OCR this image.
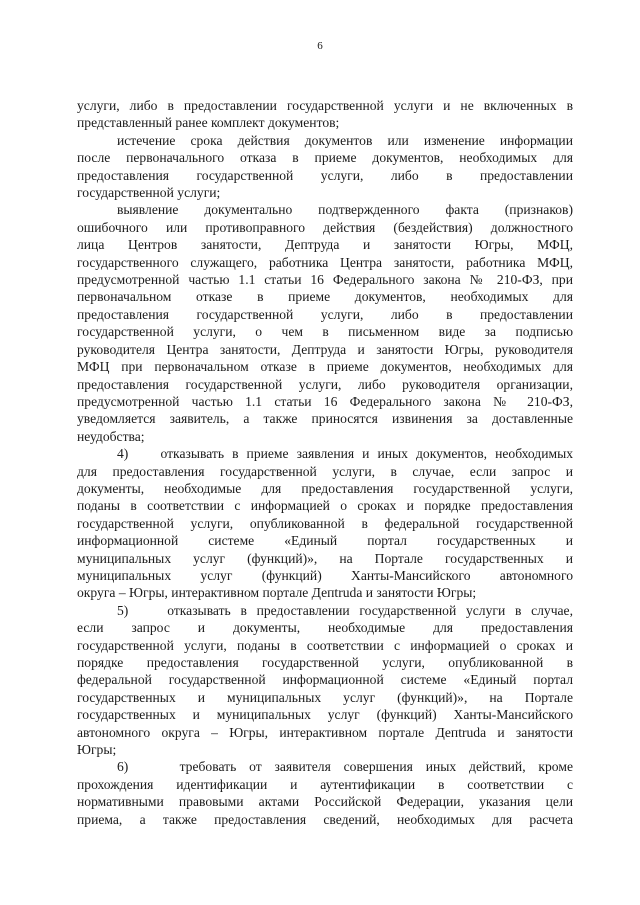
6

услуги, либо в предоставлении государственной услуги и не включенных в

представленный ранее комплект документов;

истечение срока действия документов или изменение информации

после первоначального отказа в приеме документов, необходимых для

предоставления государственной услуги, либо в предоставлении

государственной услуги;

выявление документально подтвержденного факта (признаков)

ошибочного или противоправного действия (бездействия) должностного

лица Центров занятости, Дептруда и занятости Югры, МФЦ,

государственного служащего, работника Центра занятости, работника МФЦ,

предусмотренной частью 1.1 статьи 16 Федерального закона № 210-ФЗ, при

первоначальном отказе в приеме документов, необходимых для

предоставления государственной услуги, либо в предоставлении

государственной услуги, о чем в письменном виде за подписью

руководителя Центра занятости, Дептруда и занятости Югры, руководителя

МФЦ при первоначальном отказе в приеме документов, необходимых для

предоставления государственной услуги, либо руководителя организации,

предусмотренной частью 1.1 статьи 16 Федерального закона № 210-ФЗ,

уведомляется заявитель, а также приносятся извинения за доставленные

неудобства;

4)    отказывать в приеме заявления и иных документов, необходимых

для предоставления государственной услуги, в случае, если запрос и

документы, необходимые для предоставления государственной услуги,

поданы в соответствии с информацией о сроках и порядке предоставления

государственной услуги, опубликованной в федеральной государственной

информационной системе «Единый портал государственных и

муниципальных услуг (функций)», на Портале государственных и

муниципальных услуг (функций) Ханты-Мансийского автономного

округа – Югры, интерактивном портале Депtruda и занятости Югры;

5)    отказывать в предоставлении государственной услуги в случае,

если запрос и документы, необходимые для предоставления

государственной услуги, поданы в соответствии с информацией о сроках и

порядке предоставления государственной услуги, опубликованной в

федеральной государственной информационной системе «Единый портал

государственных и муниципальных услуг (функций)», на Портале

государственных и муниципальных услуг (функций) Ханты-Мансийского

автономного округа – Югры, интерактивном портале Депtruda и занятости

Югры;

6)    требовать от заявителя совершения иных действий, кроме

прохождения идентификации и аутентификации в соответствии с

нормативными правовыми актами Российской Федерации, указания цели

приема, а также предоставления сведений, необходимых для расчета
